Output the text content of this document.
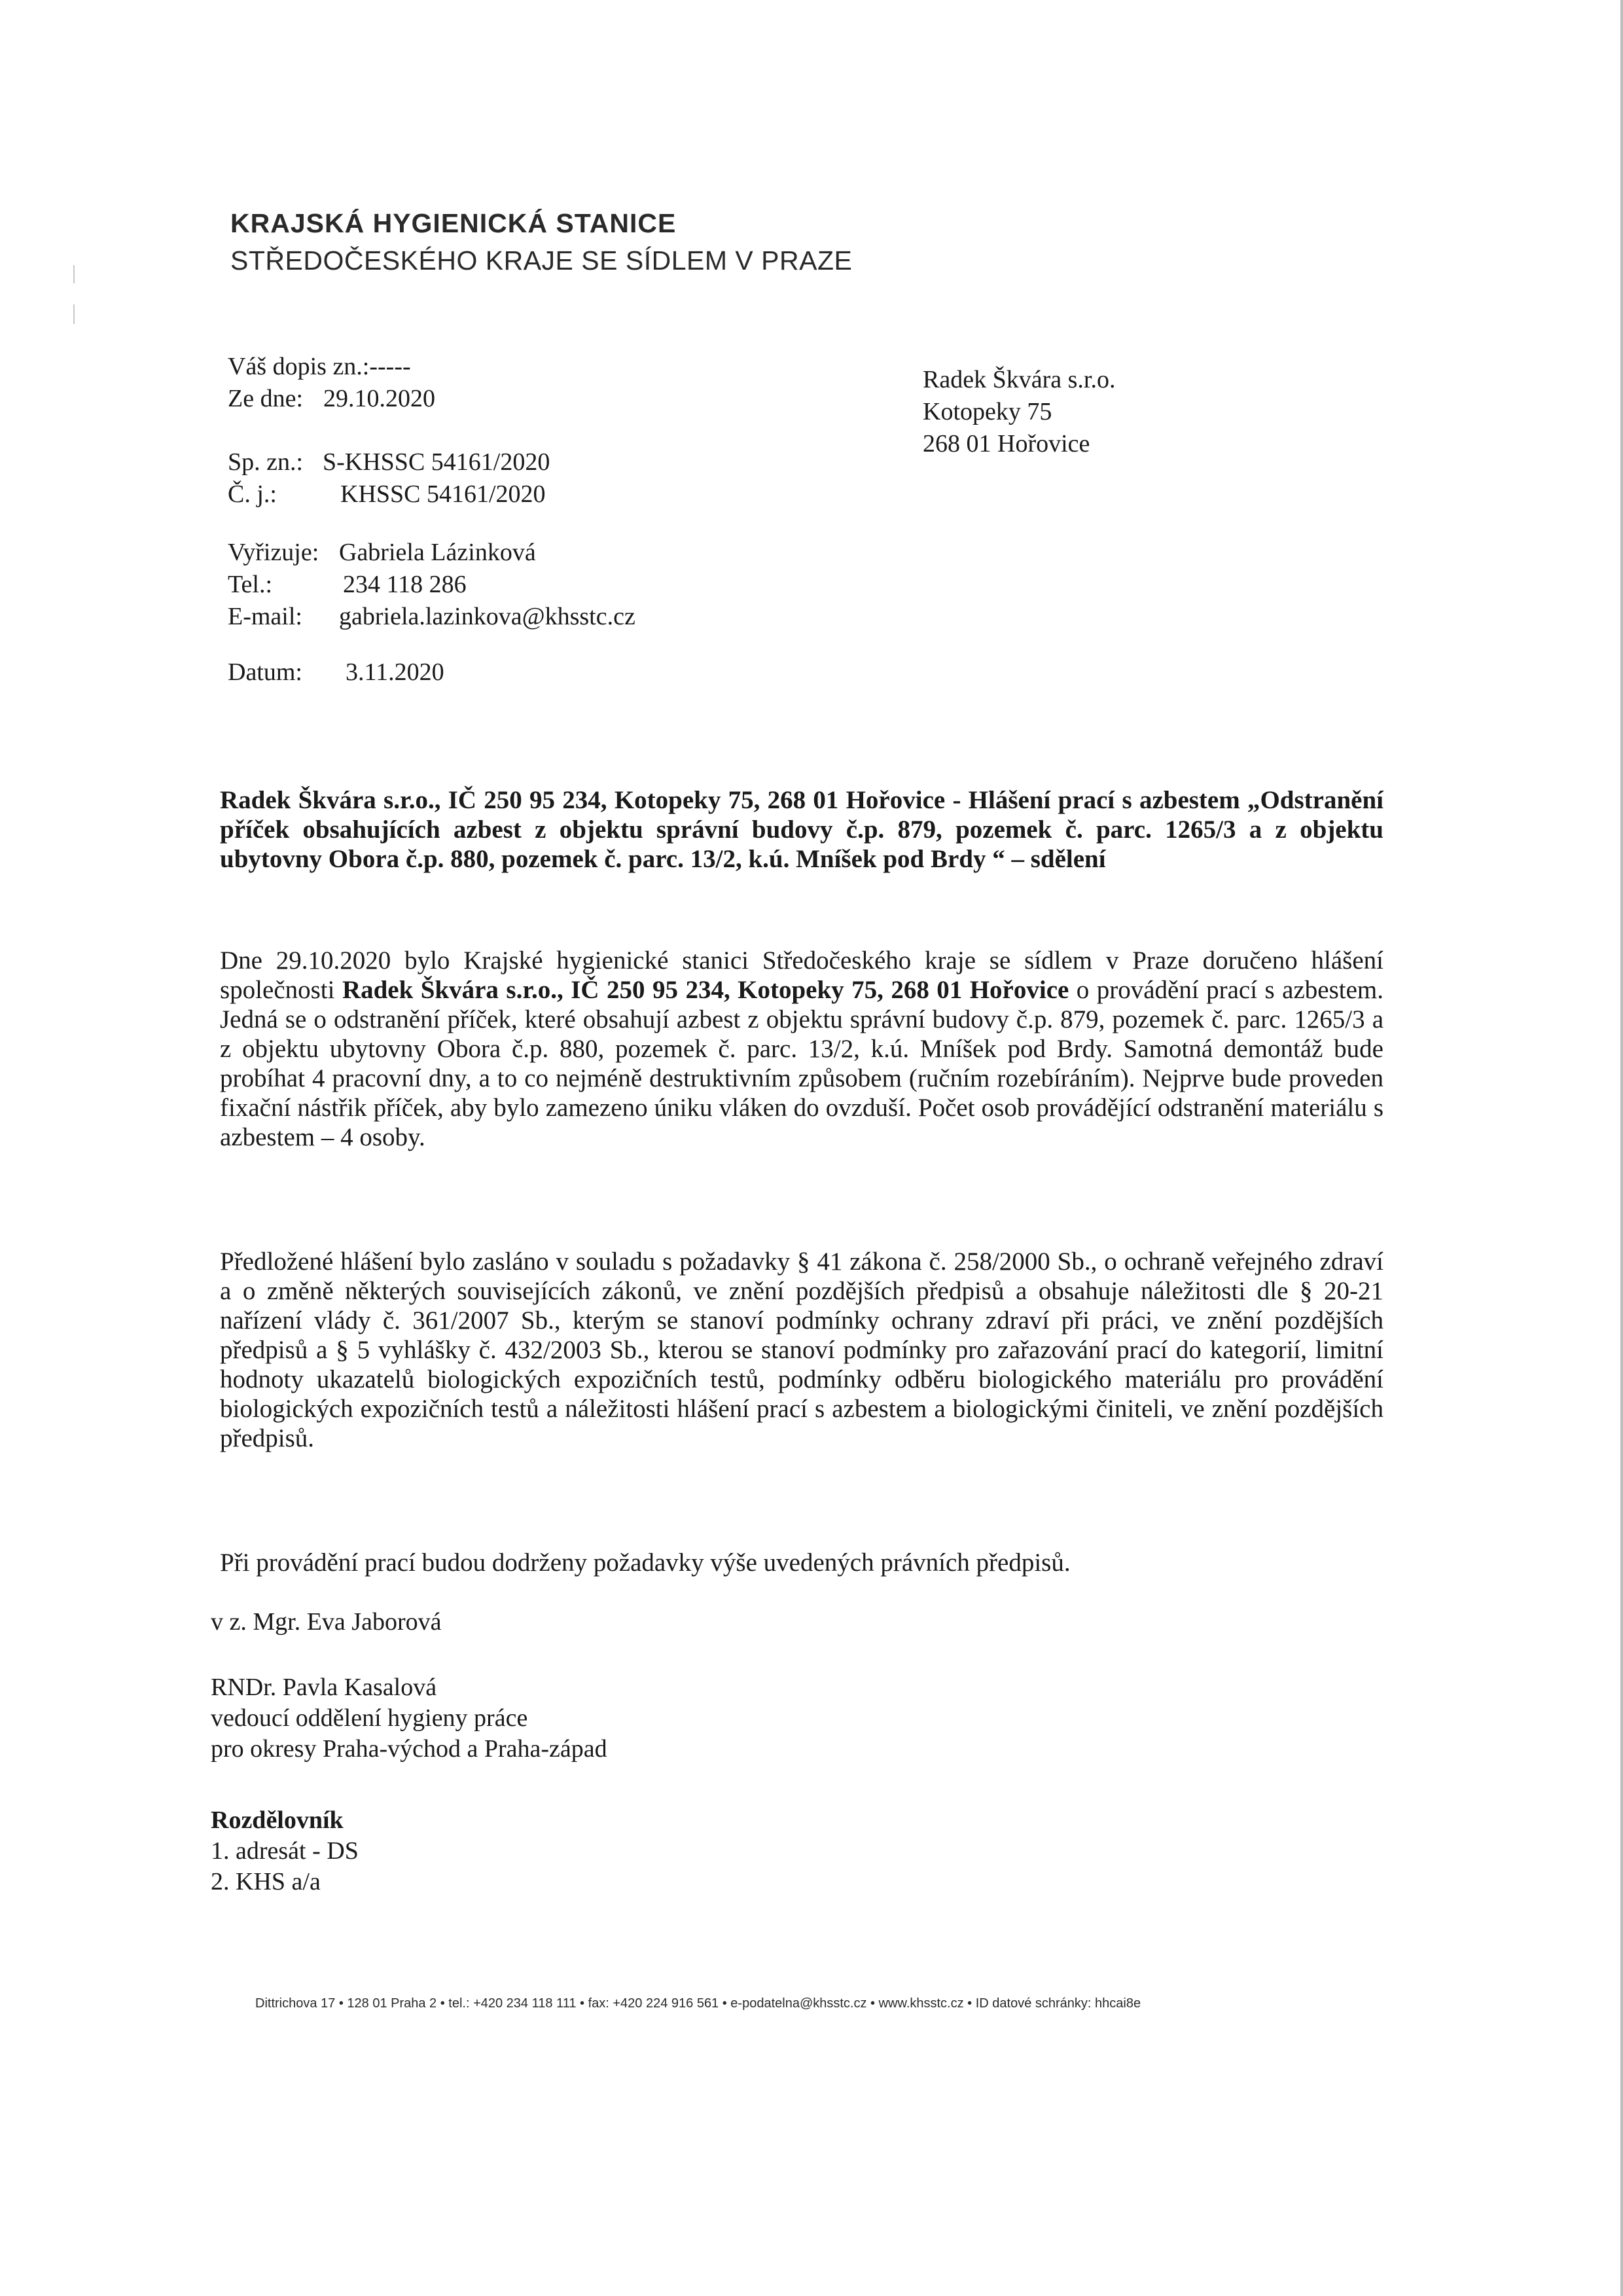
KRAJSKÁ HYGIENICKÁ STANICE
STŘEDOČESKÉHO KRAJE SE SÍDLEM V PRAZE
Váš dopis zn.:-----
Ze dne: 29.10.2020
Sp. zn.: S-KHSSC 54161/2020
Č. j.:	KHSSC 54161/2020
Vyřizuje: Gabriela Lázinková
Tel.:	234 118 286
E-mail:	gabriela.lazinkova@khsstc.cz
Datum:	3.11.2020
Radek Škvára s.r.o.
Kotopeky 75
268 01 Hořovice
Radek Škvára s.r.o., IČ 250 95 234, Kotopeky 75, 268 01 Hořovice - Hlášení prací s azbestem „Odstranění příček obsahujících azbest z objektu správní budovy č.p. 879, pozemek č. parc. 1265/3 a z objektu ubytovny Obora č.p. 880, pozemek č. parc. 13/2, k.ú. Mníšek pod Brdy “ – sdělení
Dne 29.10.2020 bylo Krajské hygienické stanici Středočeského kraje se sídlem v Praze doručeno hlášení společnosti Radek Škvára s.r.o., IČ 250 95 234, Kotopeky 75, 268 01 Hořovice o provádění prací s azbestem. Jedná se o odstranění příček, které obsahují azbest z objektu správní budovy č.p. 879, pozemek č. parc. 1265/3 a z objektu ubytovny Obora č.p. 880, pozemek č. parc. 13/2, k.ú. Mníšek pod Brdy. Samotná demontáž bude probíhat 4 pracovní dny, a to co nejméně destruktivním způsobem (ručním rozebíráním). Nejprve bude proveden fixační nástřik příček, aby bylo zamezeno úniku vláken do ovzduší. Počet osob provádějící odstranění materiálu s azbestem – 4 osoby.
Předložené hlášení bylo zasláno v souladu s požadavky § 41 zákona č. 258/2000 Sb., o ochraně veřejného zdraví a o změně některých souvisejících zákonů, ve znění pozdějších předpisů a obsahuje náležitosti dle § 20-21 nařízení vlády č. 361/2007 Sb., kterým se stanoví podmínky ochrany zdraví při práci, ve znění pozdějších předpisů a § 5 vyhlášky č. 432/2003 Sb., kterou se stanoví podmínky pro zařazování prací do kategorií, limitní hodnoty ukazatelů biologických expozičních testů, podmínky odběru biologického materiálu pro provádění biologických expozičních testů a náležitosti hlášení prací s azbestem a biologickými činiteli, ve znění pozdějších předpisů.
Při provádění prací budou dodrženy požadavky výše uvedených právních předpisů.
v z. Mgr. Eva Jaborová
RNDr. Pavla Kasalová
vedoucí oddělení hygieny práce
pro okresy Praha-východ a Praha-západ
Rozdělovník
1. adresát - DS
2. KHS a/a
Dittrichova 17 • 128 01 Praha 2 • tel.: +420 234 118 111 • fax: +420 224 916 561 • e-podatelna@khsstc.cz • www.khsstc.cz • ID datové schránky: hhcai8e
